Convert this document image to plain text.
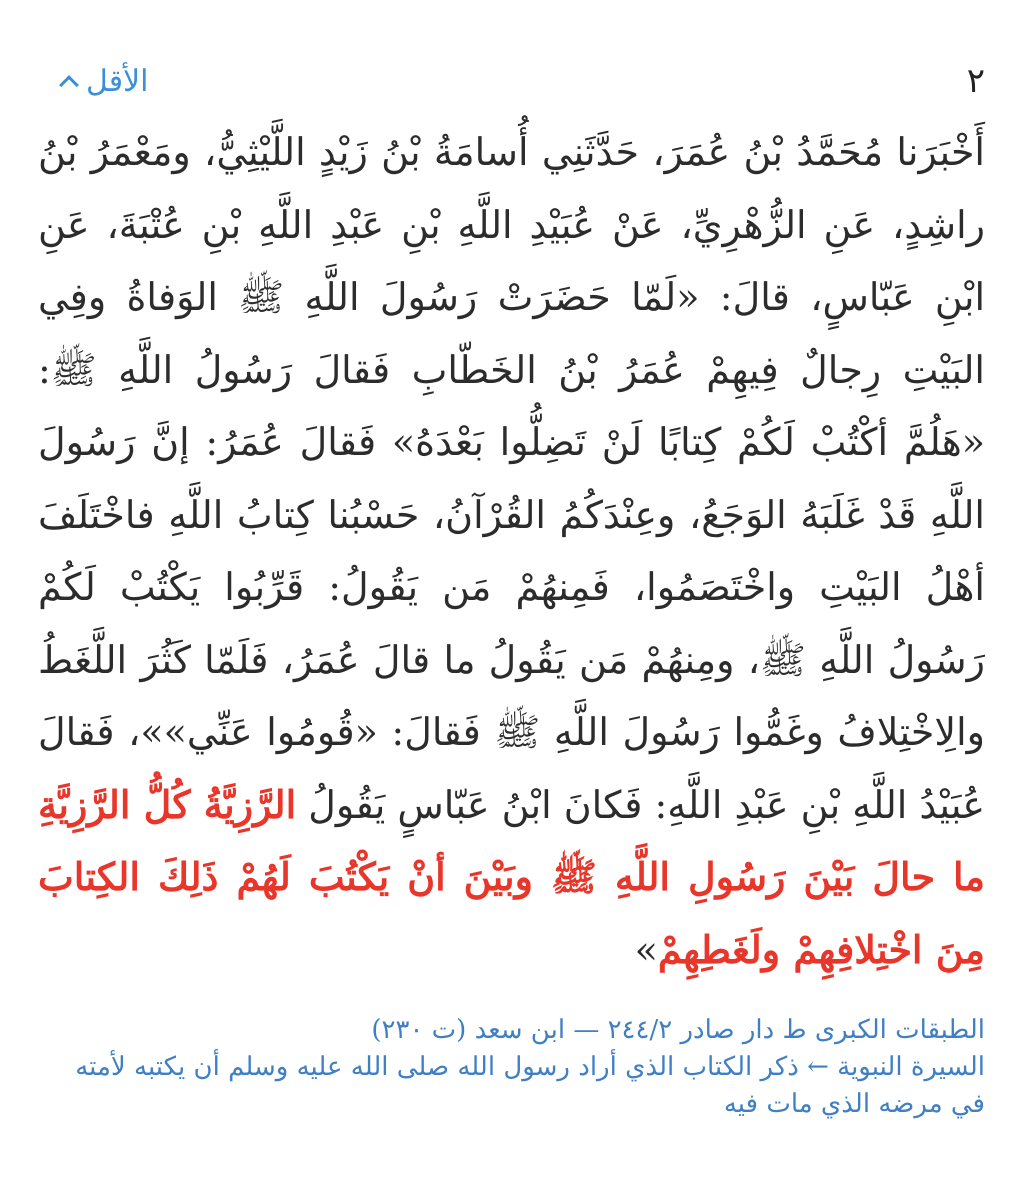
٢
الأقل
أَخْبَرَنا مُحَمَّدُ بْنُ عُمَرَ، حَدَّثَنِي أُسامَةُ بْنُ زَيْدٍ اللَّيْثِيُّ، ومَعْمَرُ بْنُ راشِدٍ، عَنِ الزُّهْرِيِّ، عَنْ عُبَيْدِ اللَّهِ بْنِ عَبْدِ اللَّهِ بْنِ عُتْبَةَ، عَنِ ابْنِ عَبّاسٍ، قالَ: «لَمّا حَضَرَتْ رَسُولَ اللَّهِ ﷺ الوَفاةُ وفِي البَيْتِ رِجالٌ فِيهِمْ عُمَرُ بْنُ الخَطّابِ فَقالَ رَسُولُ اللَّهِ ﷺ: «هَلُمَّ أكْتُبْ لَكُمْ كِتابًا لَنْ تَضِلُّوا بَعْدَهُ» فَقالَ عُمَرُ: إنَّ رَسُولَ اللَّهِ قَدْ غَلَبَهُ الوَجَعُ، وعِنْدَكُمُ القُرْآنُ، حَسْبُنا كِتابُ اللَّهِ فاخْتَلَفَ أهْلُ البَيْتِ واخْتَصَمُوا، فَمِنهُمْ مَن يَقُولُ: قَرِّبُوا يَكْتُبْ لَكُمْ رَسُولُ اللَّهِ ﷺ، ومِنهُمْ مَن يَقُولُ ما قالَ عُمَرُ، فَلَمّا كَثُرَ اللَّغَطُ والِاخْتِلافُ وغَمُّوا رَسُولَ اللَّهِ ﷺ فَقالَ: «قُومُوا عَنِّي»»، فَقالَ عُبَيْدُ اللَّهِ بْنِ عَبْدِ اللَّهِ: فَكانَ ابْنُ عَبّاسٍ يَقُولُ الرَّزِيَّةُ كُلُّ الرَّزِيَّةِ ما حالَ بَيْنَ رَسُولِ اللَّهِ ﷺ وبَيْنَ أنْ يَكْتُبَ لَهُمْ ذَلِكَ الكِتابَ مِنَ اخْتِلافِهِمْ ولَغَطِهِمْ»
الطبقات الكبرى ط دار صادر ٢٤٤/٢ — ابن سعد (ت ٢٣٠)
السيرة النبوية ← ذكر الكتاب الذي أراد رسول الله صلى الله عليه وسلم أن يكتبه لأمته في مرضه الذي مات فيه
